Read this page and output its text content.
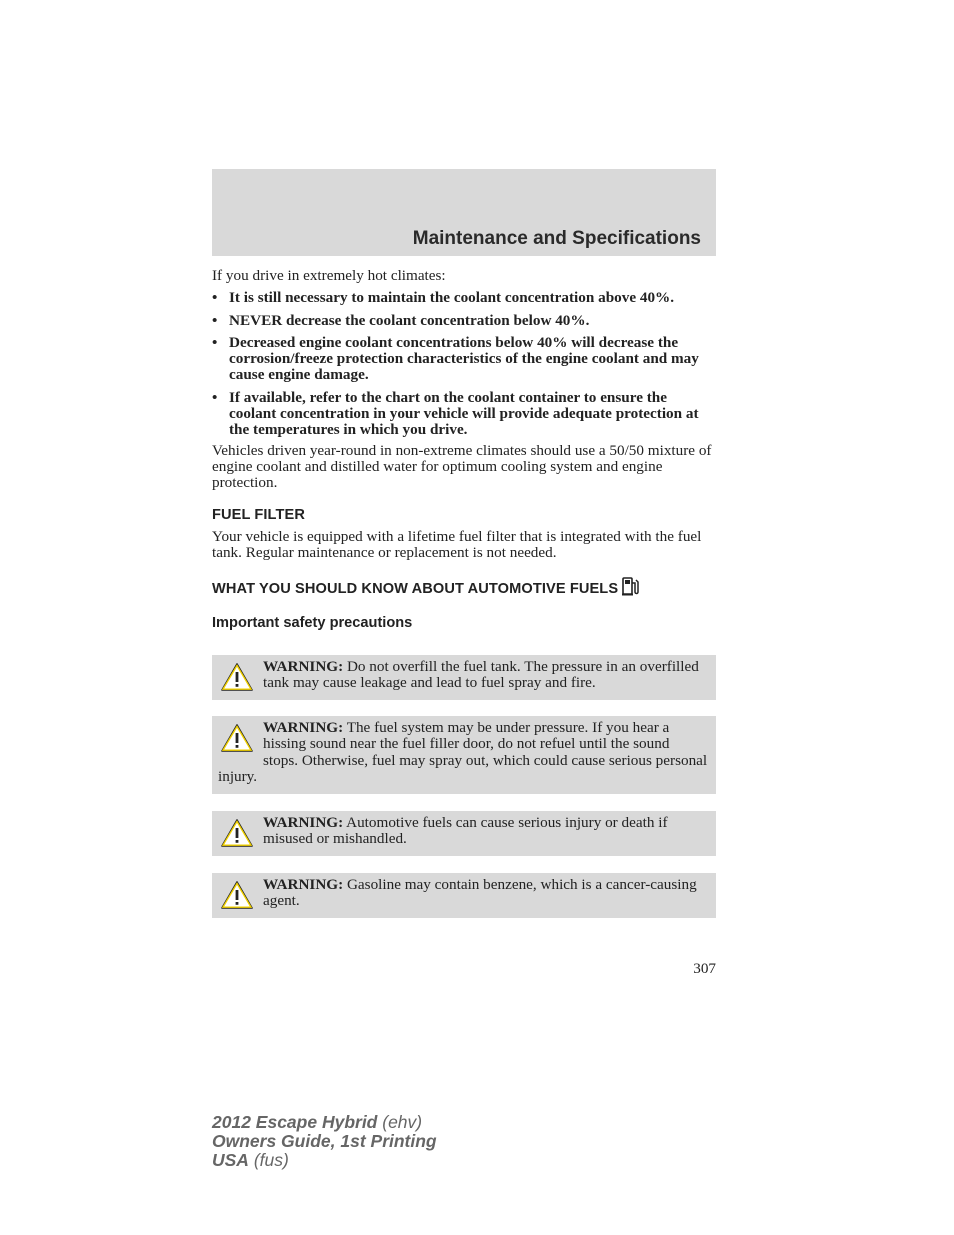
Maintenance and Specifications

If you drive in extremely hot climates:

• It is still necessary to maintain the coolant concentration above 40%.
• NEVER decrease the coolant concentration below 40%.
• Decreased engine coolant concentrations below 40% will decrease the corrosion/freeze protection characteristics of the engine coolant and may cause engine damage.
• If available, refer to the chart on the coolant container to ensure the coolant concentration in your vehicle will provide adequate protection at the temperatures in which you drive.

Vehicles driven year-round in non-extreme climates should use a 50/50 mixture of engine coolant and distilled water for optimum cooling system and engine protection.

FUEL FILTER

Your vehicle is equipped with a lifetime fuel filter that is integrated with the fuel tank. Regular maintenance or replacement is not needed.

WHAT YOU SHOULD KNOW ABOUT AUTOMOTIVE FUELS
Important safety precautions
WARNING: Do not overfill the fuel tank. The pressure in an overfilled tank may cause leakage and lead to fuel spray and fire.
WARNING: The fuel system may be under pressure. If you hear a hissing sound near the fuel filler door, do not refuel until the sound stops. Otherwise, fuel may spray out, which could cause serious personal injury.
WARNING: Automotive fuels can cause serious injury or death if misused or mishandled.
WARNING: Gasoline may contain benzene, which is a cancer-causing agent.
307
2012 Escape Hybrid (ehv)
Owners Guide, 1st Printing
USA (fus)
